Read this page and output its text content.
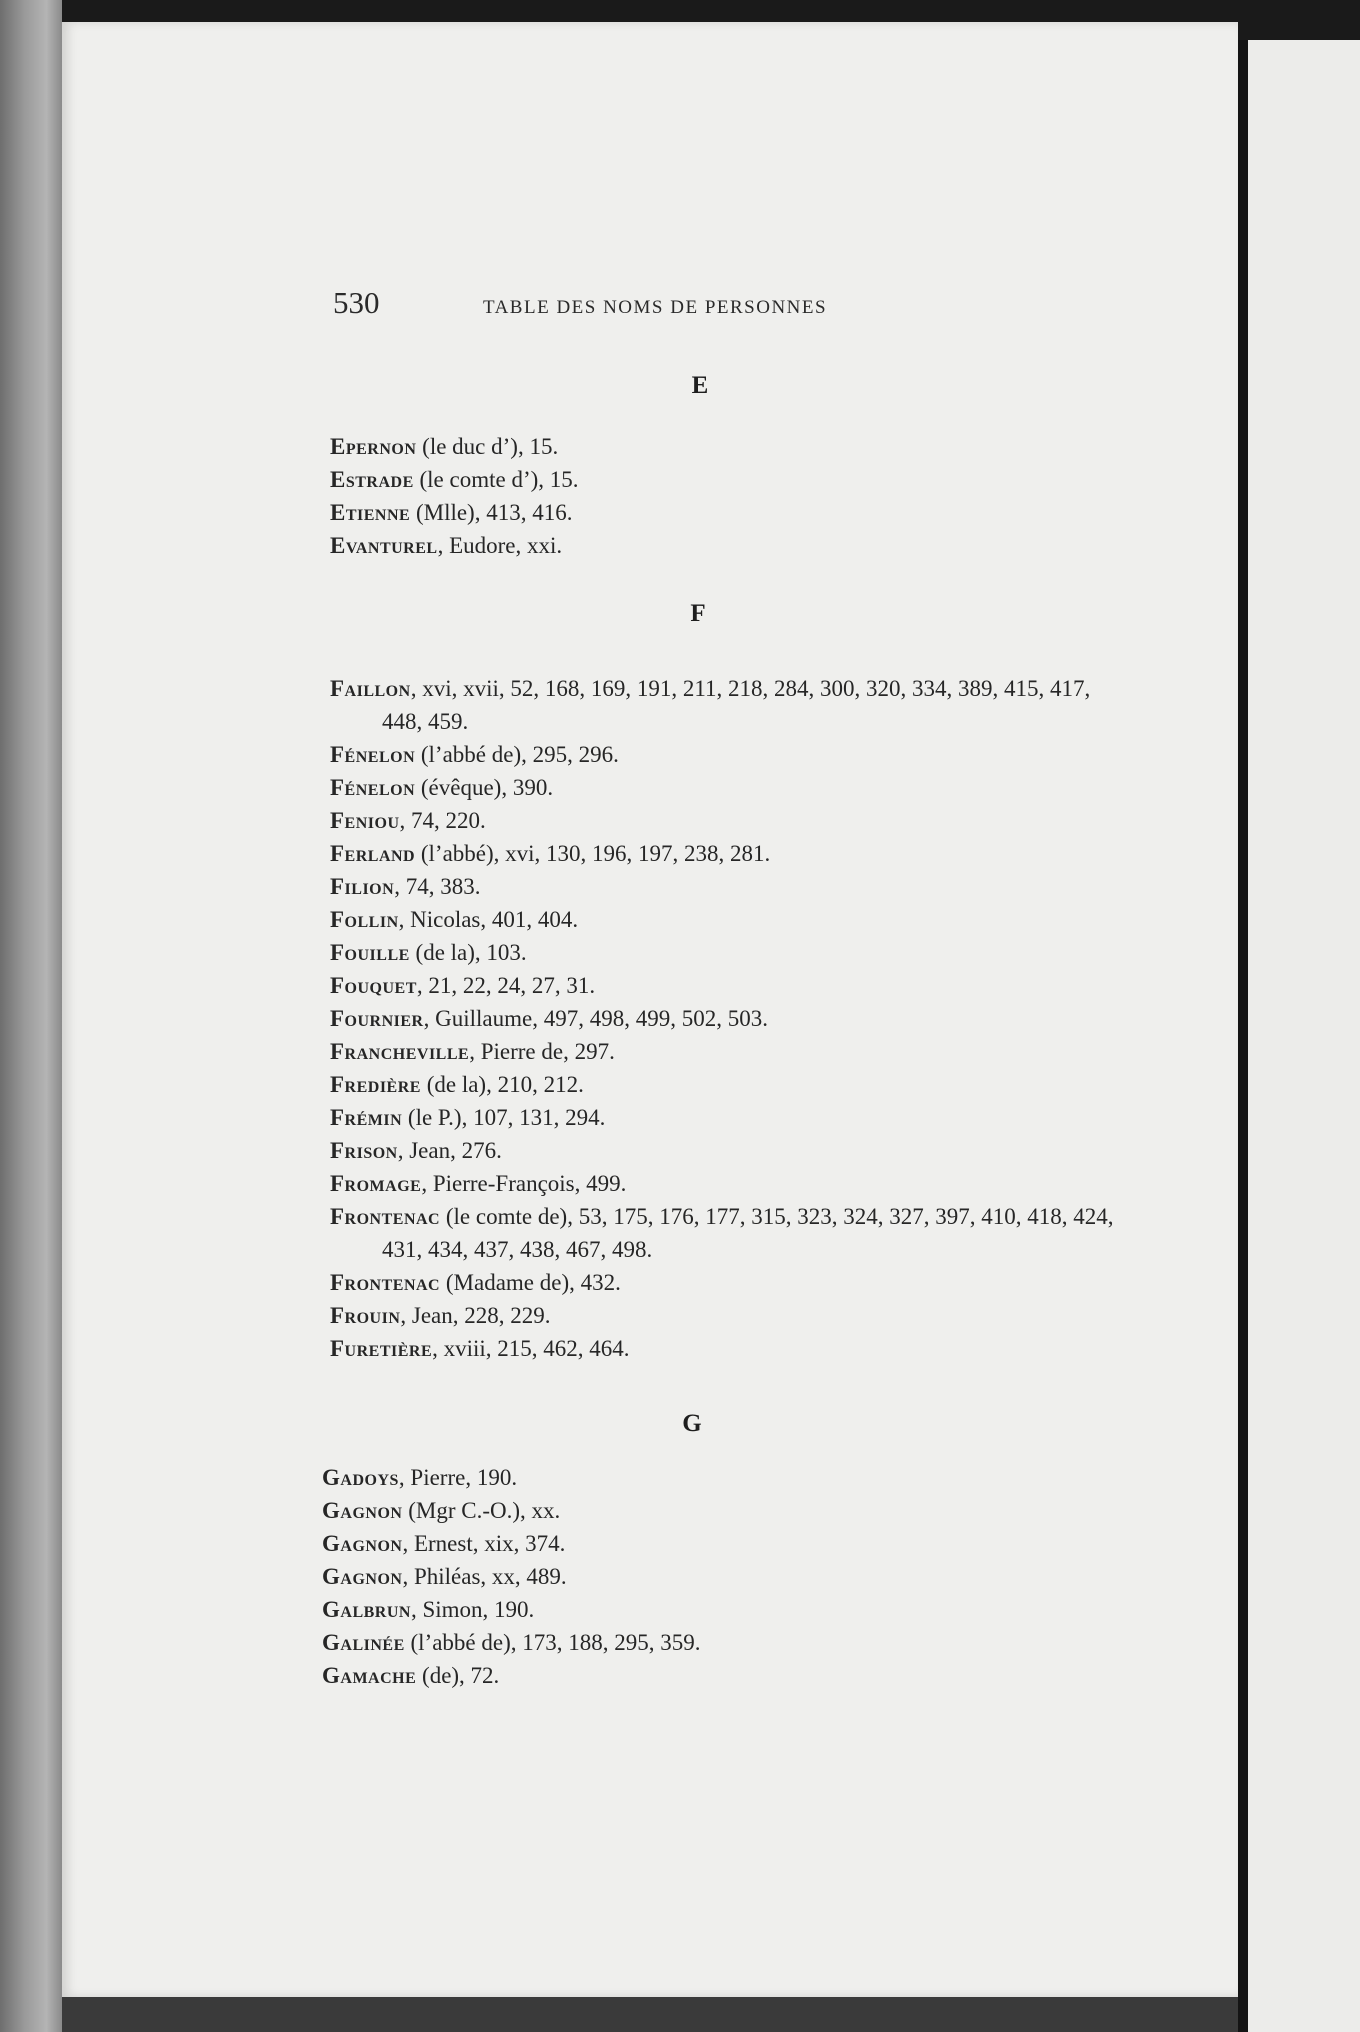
530	TABLE DES NOMS DE PERSONNES
E
Epernon (le duc d’), 15.
Estrade (le comte d’), 15.
Etienne (Mlle), 413, 416.
Evanturel, Eudore, xxi.
F
Faillon, xvi, xvii, 52, 168, 169, 191, 211, 218, 284, 300, 320, 334, 389, 415, 417, 448, 459.
Fénelon (l’abbé de), 295, 296.
Fénelon (évêque), 390.
Feniou, 74, 220.
Ferland (l’abbé), xvi, 130, 196, 197, 238, 281.
Filion, 74, 383.
Follin, Nicolas, 401, 404.
Fouille (de la), 103.
Fouquet, 21, 22, 24, 27, 31.
Fournier, Guillaume, 497, 498, 499, 502, 503.
Francheville, Pierre de, 297.
Fredière (de la), 210, 212.
Frémin (le P.), 107, 131, 294.
Frison, Jean, 276.
Fromage, Pierre-François, 499.
Frontenac (le comte de), 53, 175, 176, 177, 315, 323, 324, 327, 397, 410, 418, 424, 431, 434, 437, 438, 467, 498.
Frontenac (Madame de), 432.
Frouin, Jean, 228, 229.
Furetière, xviii, 215, 462, 464.
G
Gadoys, Pierre, 190.
Gagnon (Mgr C.-O.), xx.
Gagnon, Ernest, xix, 374.
Gagnon, Philéas, xx, 489.
Galbrun, Simon, 190.
Galinée (l’abbé de), 173, 188, 295, 359.
Gamache (de), 72.
